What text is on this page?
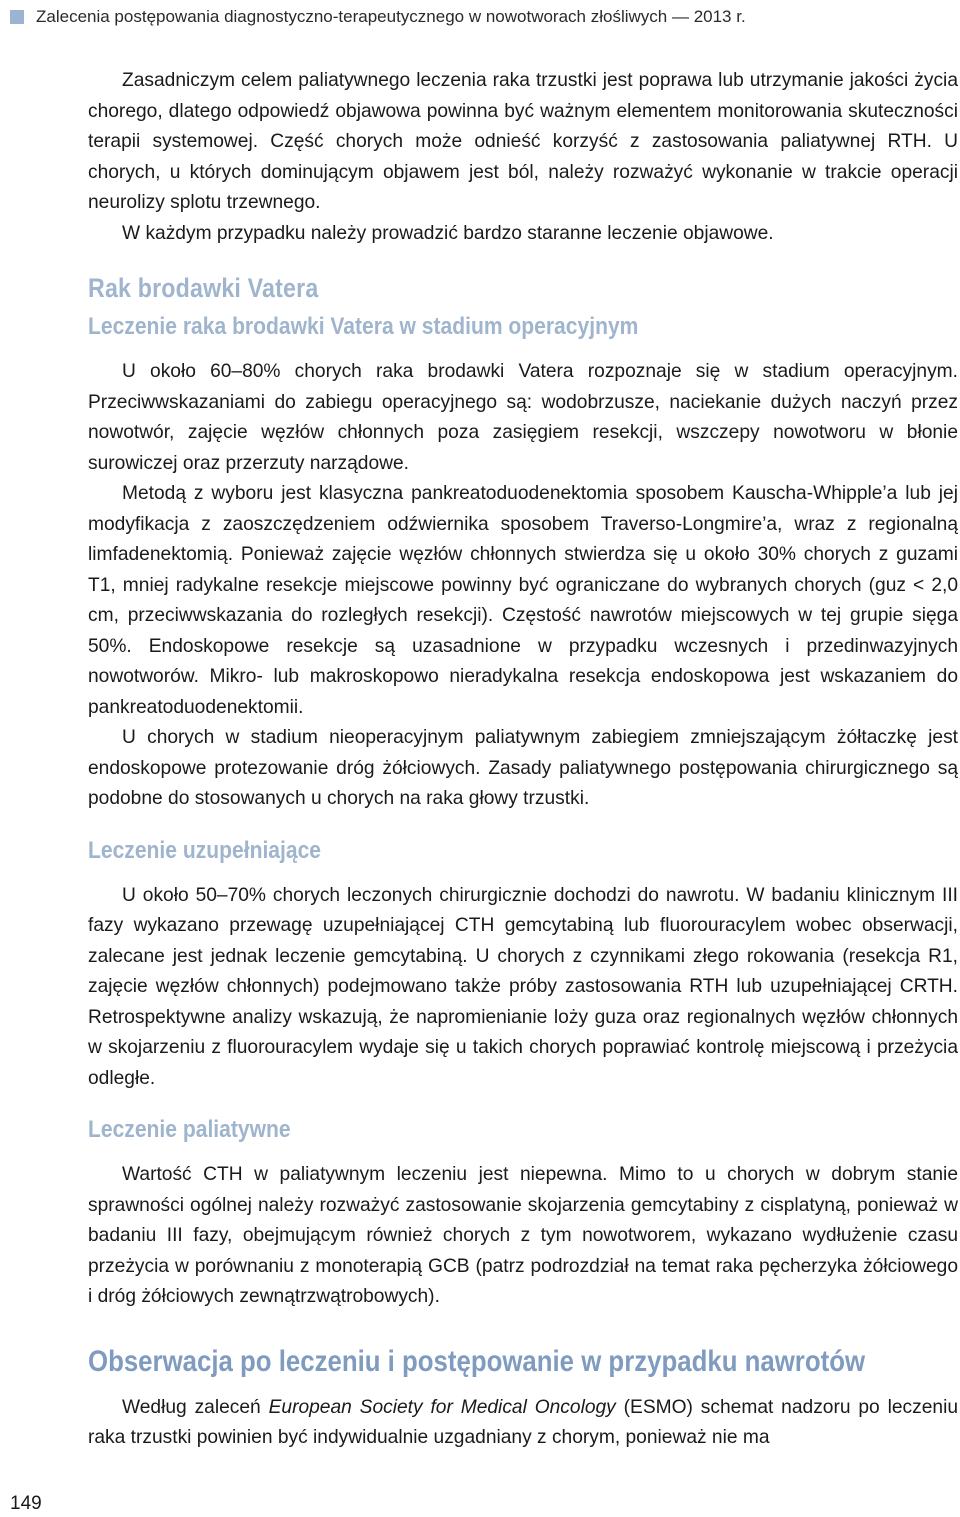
Zalecenia postępowania diagnostyczno-terapeutycznego w nowotworach złośliwych — 2013 r.

Zasadniczym celem paliatywnego leczenia raka trzustki jest poprawa lub utrzymanie jakości życia chorego, dlatego odpowiedź objawowa powinna być ważnym elementem monitorowania skuteczności terapii systemowej. Część chorych może odnieść korzyść z zastosowania paliatywnej RTH. U chorych, u których dominującym objawem jest ból, należy rozważyć wykonanie w trakcie operacji neurolizy splotu trzewnego.

W każdym przypadku należy prowadzić bardzo staranne leczenie objawowe.

Rak brodawki Vatera
Leczenie raka brodawki Vatera w stadium operacyjnym

U około 60–80% chorych raka brodawki Vatera rozpoznaje się w stadium operacyjnym. Przeciwwskazaniami do zabiegu operacyjnego są: wodobrzusze, naciekanie dużych naczyń przez nowotwór, zajęcie węzłów chłonnych poza zasięgiem resekcji, wszczepy nowotworu w błonie surowiczej oraz przerzuty narządowe.

Metodą z wyboru jest klasyczna pankreatoduodenektomia sposobem Kauscha-Whipple’a lub jej modyfikacja z zaoszczędzeniem odźwiernika sposobem Traverso-Longmire’a, wraz z regionalną limfadenektomią. Ponieważ zajęcie węzłów chłonnych stwierdza się u około 30% chorych z guzami T1, mniej radykalne resekcje miejscowe powinny być ograniczane do wybranych chorych (guz < 2,0 cm, przeciwwskazania do rozległych resekcji). Częstość nawrotów miejscowych w tej grupie sięga 50%. Endoskopowe resekcje są uzasadnione w przypadku wczesnych i przedinwazyjnych nowotworów. Mikro- lub makroskopowo nieradykalna resekcja endoskopowa jest wskazaniem do pankreatoduodenektomii.

U chorych w stadium nieoperacyjnym paliatywnym zabiegiem zmniejszającym żółtaczkę jest endoskopowe protezowanie dróg żółciowych. Zasady paliatywnego postępowania chirurgicznego są podobne do stosowanych u chorych na raka głowy trzustki.

Leczenie uzupełniające

U około 50–70% chorych leczonych chirurgicznie dochodzi do nawrotu. W badaniu klinicznym III fazy wykazano przewagę uzupełniającej CTH gemcytabiną lub fluorouracylem wobec obserwacji, zalecane jest jednak leczenie gemcytabiną. U chorych z czynnikami złego rokowania (resekcja R1, zajęcie węzłów chłonnych) podejmowano także próby zastosowania RTH lub uzupełniającej CRTH. Retrospektywne analizy wskazują, że napromienianie loży guza oraz regionalnych węzłów chłonnych w skojarzeniu z fluorouracylem wydaje się u takich chorych poprawiać kontrolę miejscową i przeżycia odległe.

Leczenie paliatywne

Wartość CTH w paliatywnym leczeniu jest niepewna. Mimo to u chorych w dobrym stanie sprawności ogólnej należy rozważyć zastosowanie skojarzenia gemcytabiny z cisplatyną, ponieważ w badaniu III fazy, obejmującym również chorych z tym nowotworem, wykazano wydłużenie czasu przeżycia w porównaniu z monoterapią GCB (patrz podrozdział na temat raka pęcherzyka żółciowego i dróg żółciowych zewnątrzwątrobowych).

Obserwacja po leczeniu i postępowanie w przypadku nawrotów

Według zaleceń European Society for Medical Oncology (ESMO) schemat nadzoru po leczeniu raka trzustki powinien być indywidualnie uzgadniany z chorym, ponieważ nie ma

149
